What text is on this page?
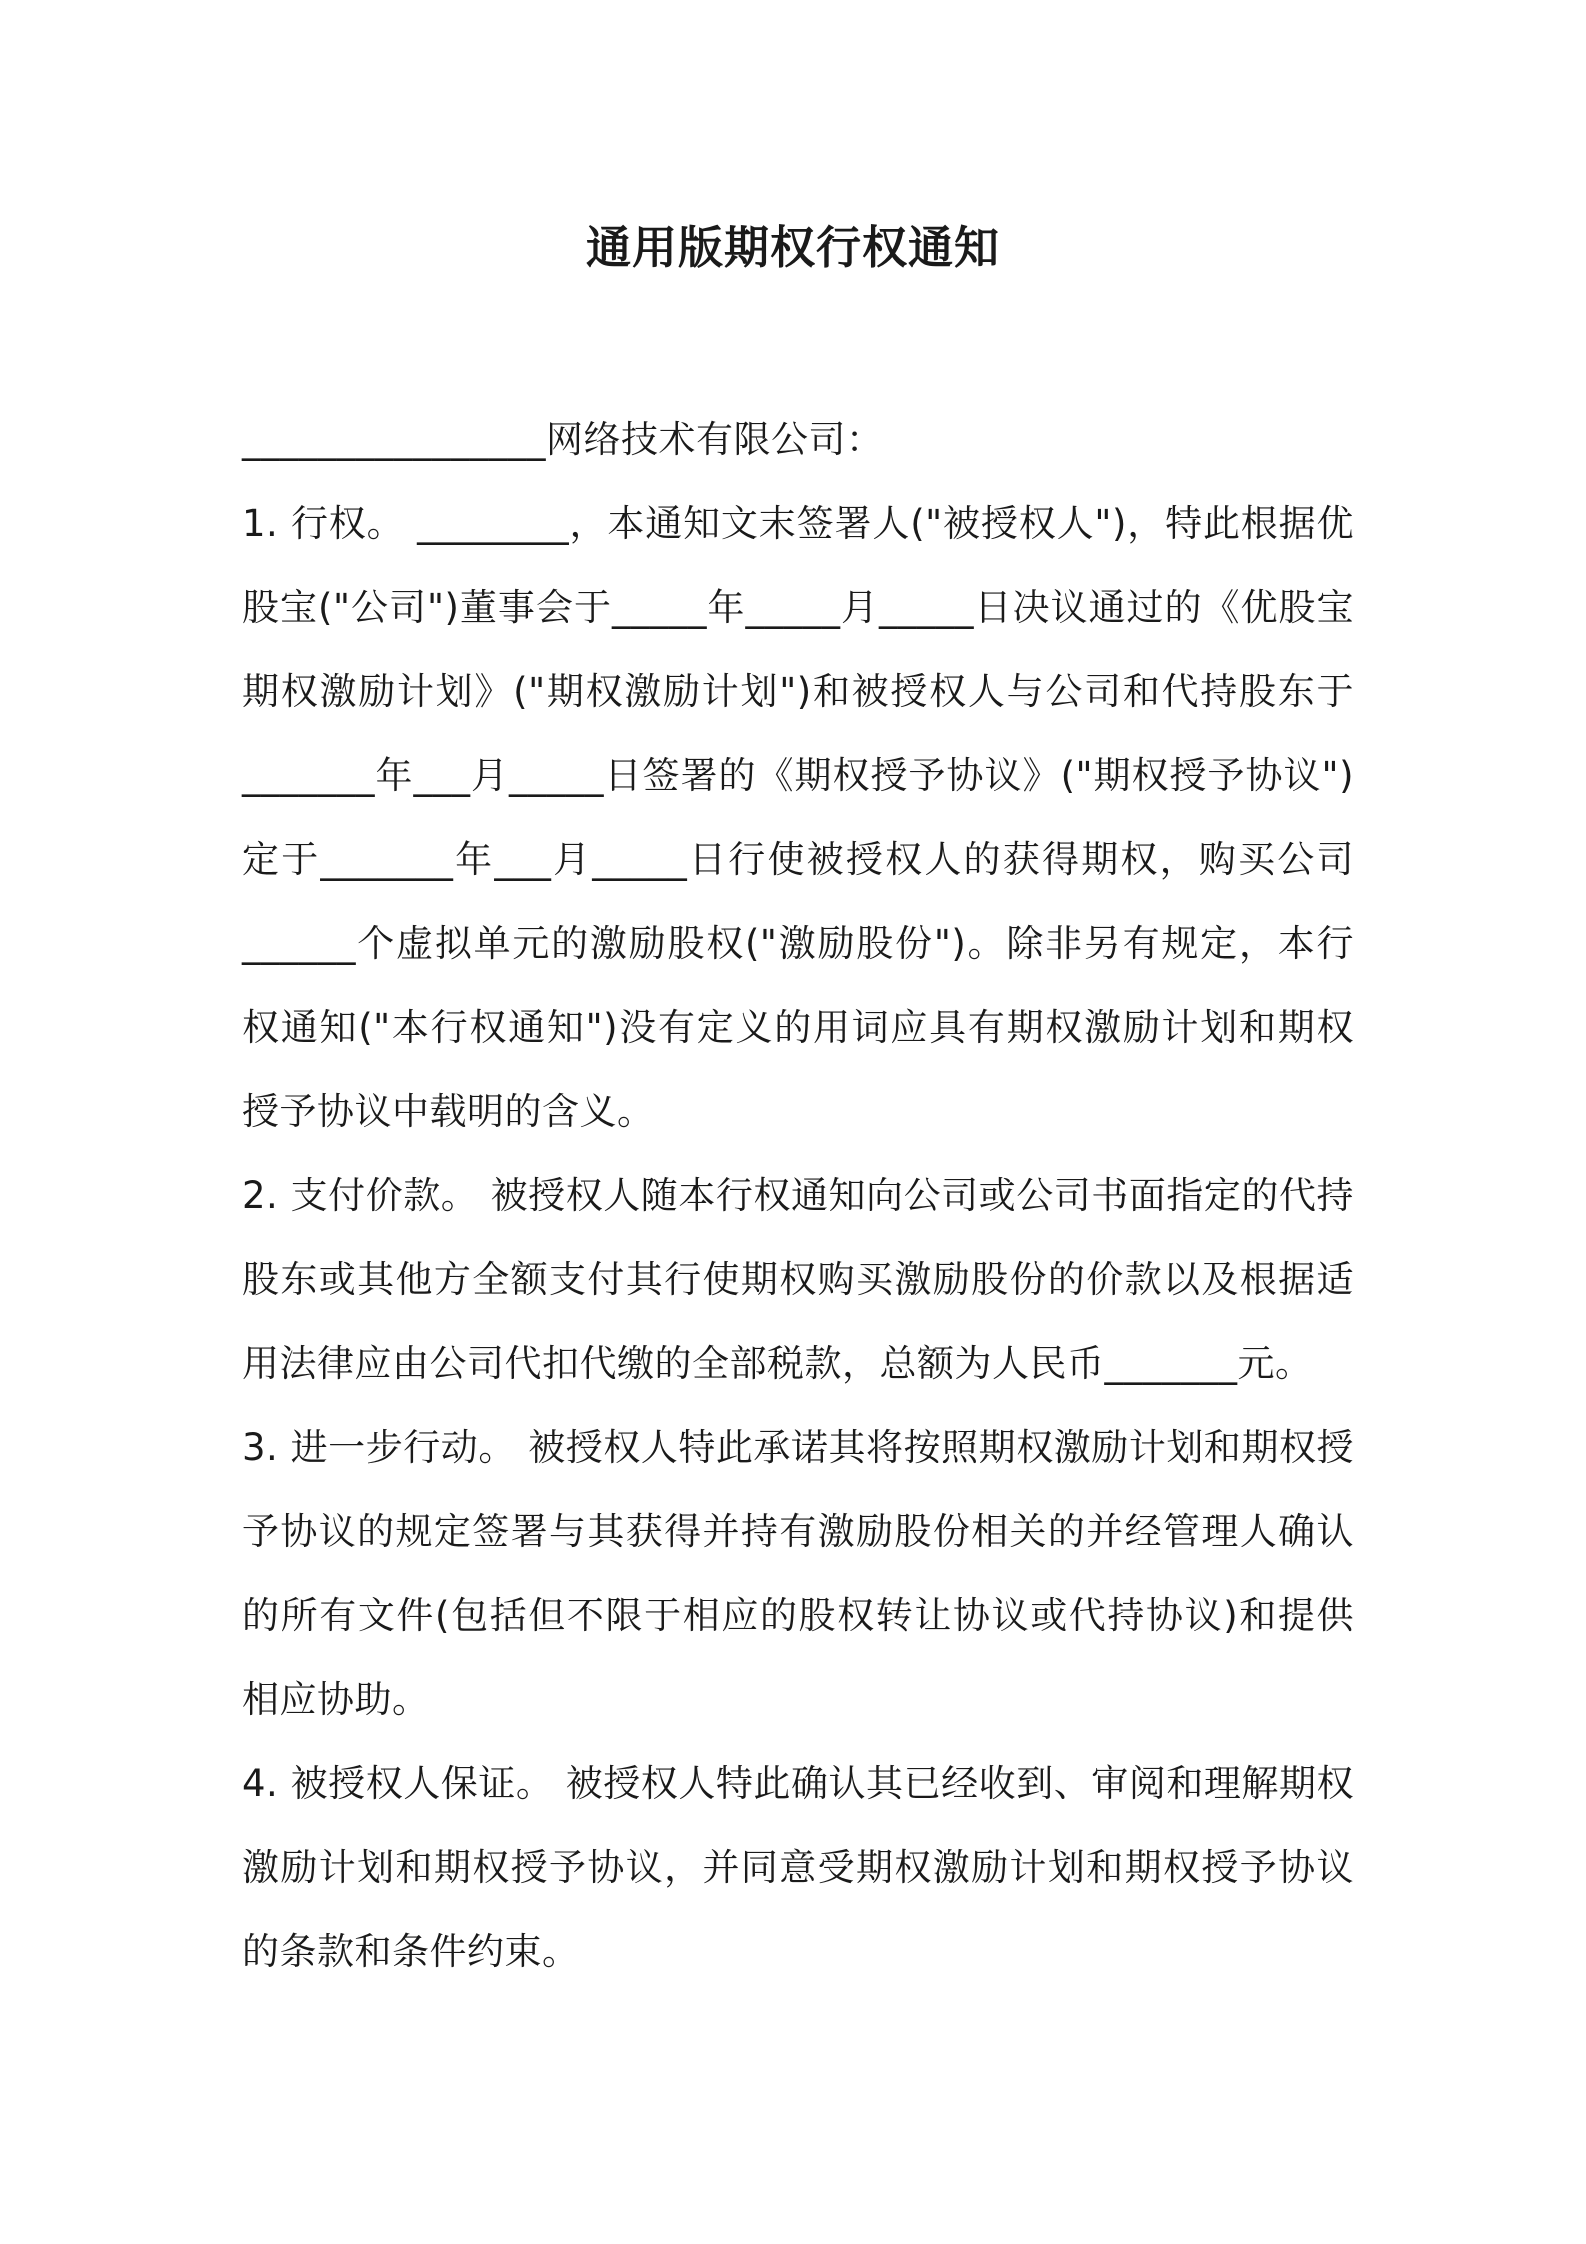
通用版期权行权通知
________________网络技术有限公司：

1. 行权。 ________，本通知文末签署人("被授权人")，特此根据优股宝("公司")董事会于_____年_____月_____日决议通过的《优股宝期权激励计划》("期权激励计划")和被授权人与公司和代持股东于_______年___月_____日签署的《期权授予协议》("期权授予协议")定于_______年___月_____日行使被授权人的获得期权，购买公司______个虚拟单元的激励股权("激励股份")。除非另有规定，本行权通知("本行权通知")没有定义的用词应具有期权激励计划和期权授予协议中载明的含义。

2. 支付价款。 被授权人随本行权通知向公司或公司书面指定的代持股东或其他方全额支付其行使期权购买激励股份的价款以及根据适用法律应由公司代扣代缴的全部税款，总额为人民币_______元。

3. 进一步行动。 被授权人特此承诺其将按照期权激励计划和期权授予协议的规定签署与其获得并持有激励股份相关的并经管理人确认的所有文件(包括但不限于相应的股权转让协议或代持协议)和提供相应协助。

4. 被授权人保证。 被授权人特此确认其已经收到、审阅和理解期权激励计划和期权授予协议，并同意受期权激励计划和期权授予协议的条款和条件约束。
